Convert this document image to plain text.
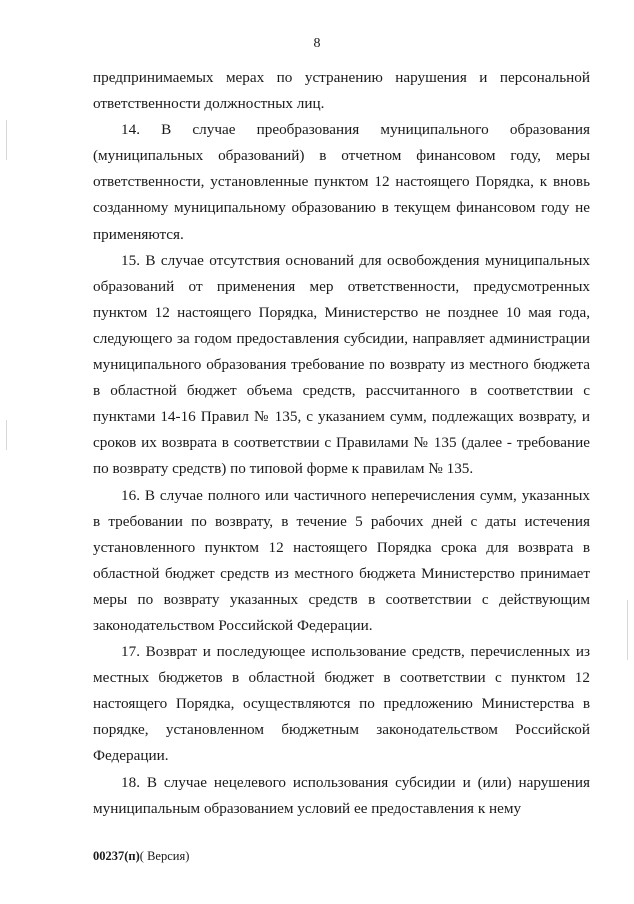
8

предпринимаемых мерах по устранению нарушения и персональной ответственности должностных лиц.

14. В случае преобразования муниципального образования (муниципальных образований) в отчетном финансовом году, меры ответственности, установленные пунктом 12 настоящего Порядка, к вновь созданному муниципальному образованию в текущем финансовом году не применяются.

15. В случае отсутствия оснований для освобождения муниципальных образований от применения мер ответственности, предусмотренных пунктом 12 настоящего Порядка, Министерство не позднее 10 мая года, следующего за годом предоставления субсидии, направляет администрации муниципального образования требование по возврату из местного бюджета в областной бюджет объема средств, рассчитанного в соответствии с пунктами 14-16 Правил № 135, с указанием сумм, подлежащих возврату, и сроков их возврата в соответствии с Правилами № 135 (далее - требование по возврату средств) по типовой форме к правилам № 135.

16. В случае полного или частичного неперечисления сумм, указанных в требовании по возврату, в течение 5 рабочих дней с даты истечения установленного пунктом 12 настоящего Порядка срока для возврата в областной бюджет средств из местного бюджета Министерство принимает меры по возврату указанных средств в соответствии с действующим законодательством Российской Федерации.

17. Возврат и последующее использование средств, перечисленных из местных бюджетов в областной бюджет в соответствии с пунктом 12 настоящего Порядка, осуществляются по предложению Министерства в порядке, установленном бюджетным законодательством Российской Федерации.

18. В случае нецелевого использования субсидии и (или) нарушения муниципальным образованием условий ее предоставления к нему

00237(п)( Версия)
